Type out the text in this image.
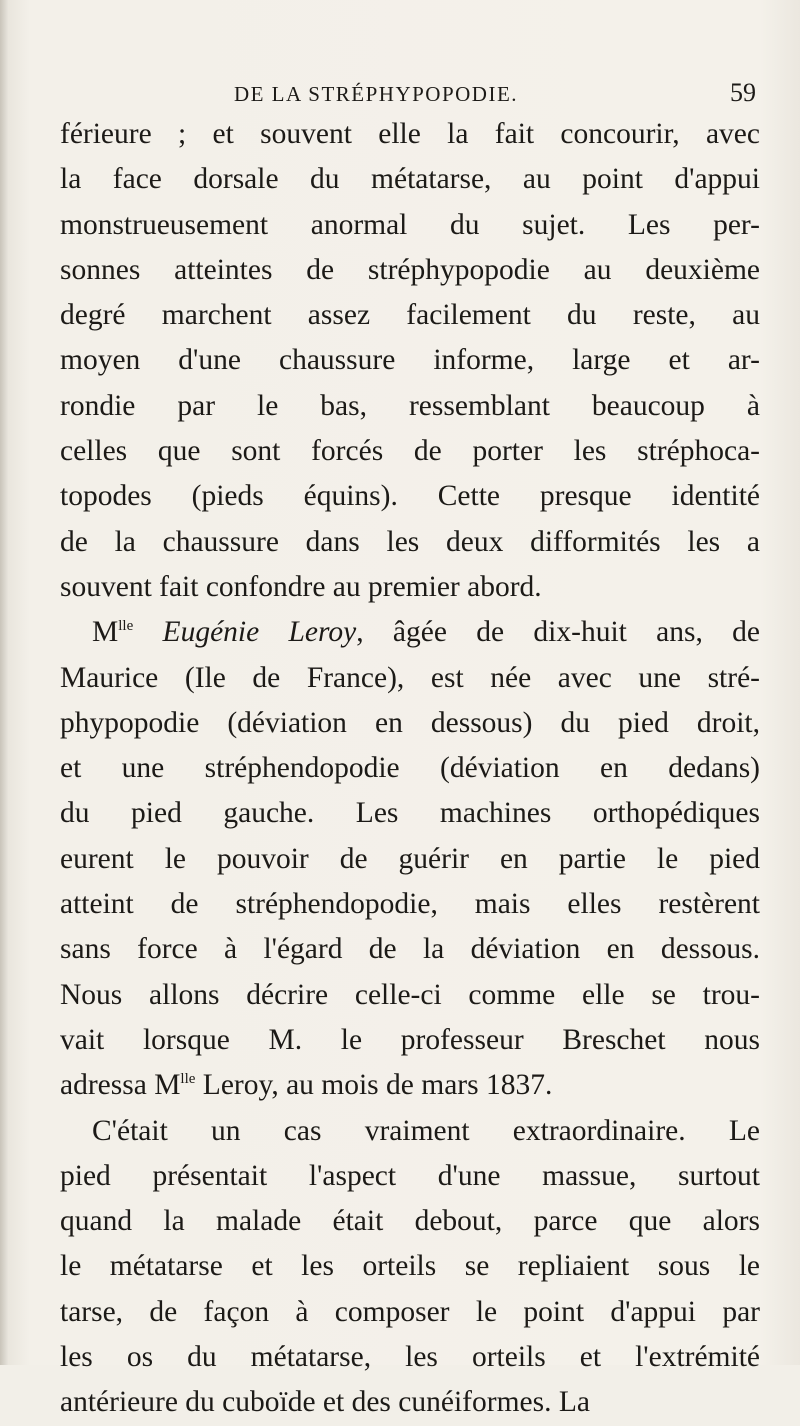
DE LA STRÉPHYPOPODIE.	59
férieure ; et souvent elle la fait concourir, avec
la face dorsale du métatarse, au point d'appui
monstrueusement anormal du sujet. Les per-
sonnes atteintes de stréphypopodie au deuxième
degré marchent assez facilement du reste, au
moyen d'une chaussure informe, large et ar-
rondie par le bas, ressemblant beaucoup à
celles que sont forcés de porter les stréphoca-
topodes (pieds équins). Cette presque identité
de la chaussure dans les deux difformités les a
souvent fait confondre au premier abord.
$M^{lle}$ Eugénie Leroy, âgée de dix-huit ans, de
Maurice (Ile de France), est née avec une stré-
phypopodie (déviation en dessous) du pied droit,
et une stréphendopodie (déviation en dedans)
du pied gauche. Les machines orthopédiques
eurent le pouvoir de guérir en partie le pied
atteint de stréphendopodie, mais elles restèrent
sans force à l'égard de la déviation en dessous.
Nous allons décrire celle-ci comme elle se trou-
vait lorsque M. le professeur Breschet nous
adressa $M^{lle}$ Leroy, au mois de mars 1837.
C'était un cas vraiment extraordinaire. Le
pied présentait l'aspect d'une massue, surtout
quand la malade était debout, parce que alors
le métatarse et les orteils se repliaient sous le
tarse, de façon à composer le point d'appui par
les os du métatarse, les orteils et l'extrémité
antérieure du cuboïde et des cunéiformes. La
